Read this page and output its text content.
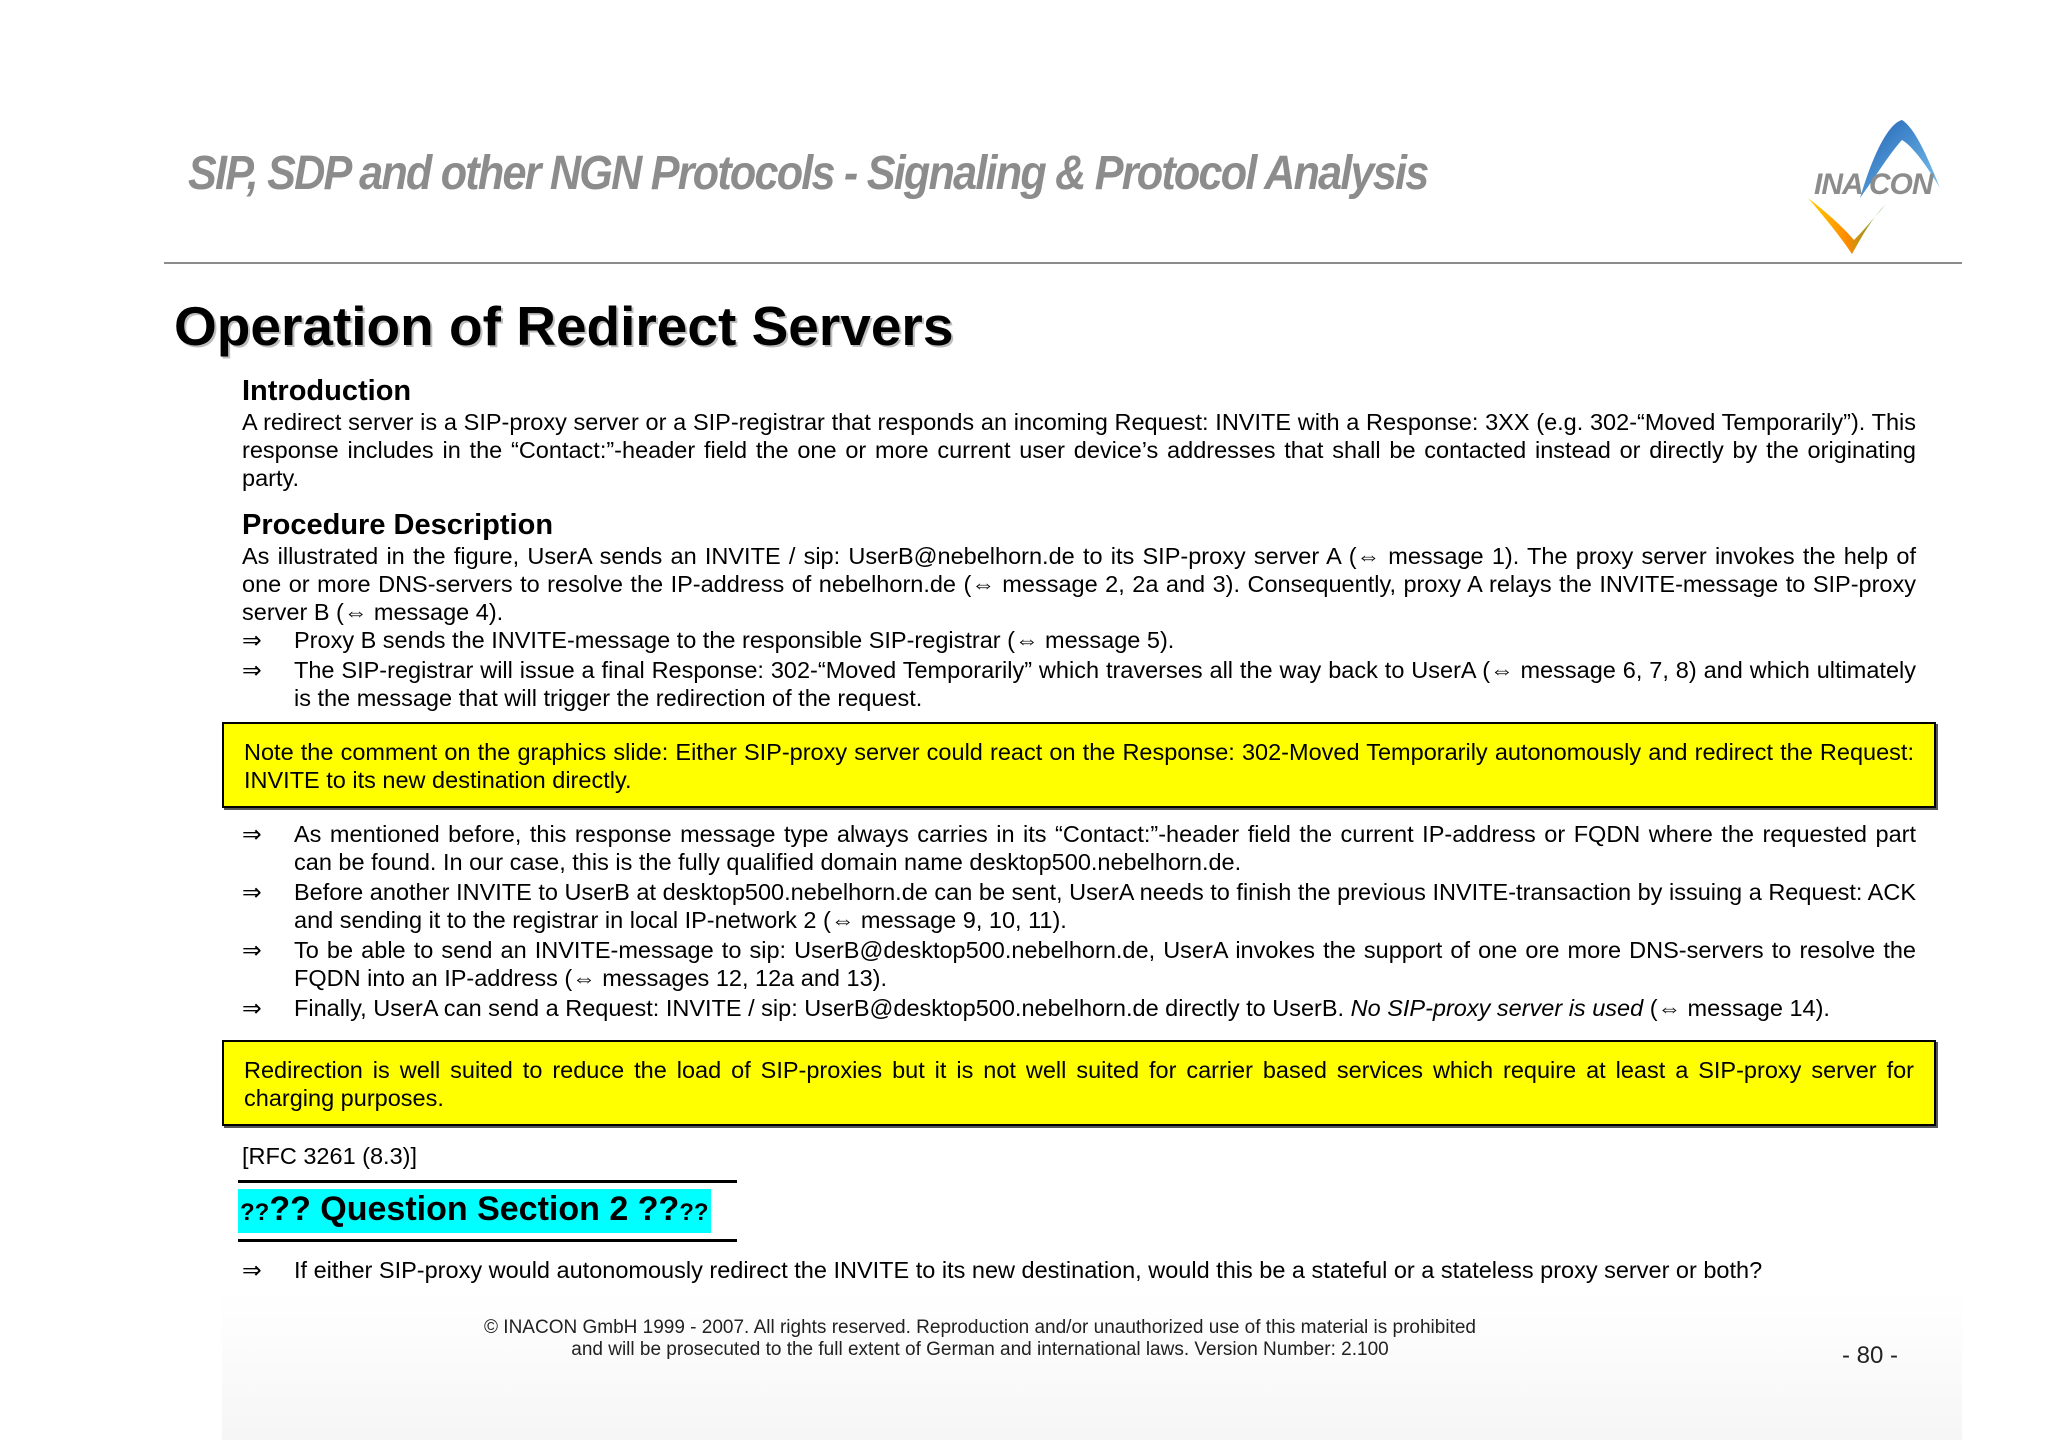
SIP, SDP and other NGN Protocols - Signaling & Protocol Analysis	INA CON
Operation of Redirect Servers
Introduction

A redirect server is a SIP-proxy server or a SIP-registrar that responds an incoming Request: INVITE with a Response: 3XX (e.g. 302-“Moved Temporarily”). This response includes in the “Contact:”-header field the one or more current user device’s addresses that shall be contacted instead or directly by the originating party.

Procedure Description

As illustrated in the figure, UserA sends an INVITE / sip: UserB@nebelhorn.de to its SIP-proxy server A (⇔ message 1). The proxy server invokes the help of one or more DNS-servers to resolve the IP-address of nebelhorn.de (⇔ message 2, 2a and 3). Consequently, proxy A relays the INVITE-message to SIP-proxy server B (⇔ message 4).

⇒	Proxy B sends the INVITE-message to the responsible SIP-registrar (⇔ message 5).
⇒	The SIP-registrar will issue a final Response: 302-“Moved Temporarily” which traverses all the way back to UserA (⇔ message 6, 7, 8) and which ultimately is the message that will trigger the redirection of the request.
Note the comment on the graphics slide: Either SIP-proxy server could react on the Response: 302-Moved Temporarily autonomously and redirect the Request: INVITE to its new destination directly.
⇒	As mentioned before, this response message type always carries in its “Contact:”-header field the current IP-address or FQDN where the requested part can be found. In our case, this is the fully qualified domain name desktop500.nebelhorn.de.
⇒	Before another INVITE to UserB at desktop500.nebelhorn.de can be sent, UserA needs to finish the previous INVITE-transaction by issuing a Request: ACK and sending it to the registrar in local IP-network 2 (⇔ message 9, 10, 11).
⇒	To be able to send an INVITE-message to sip: UserB@desktop500.nebelhorn.de, UserA invokes the support of one ore more DNS-servers to resolve the FQDN into an IP-address (⇔ messages 12, 12a and 13).
⇒	Finally, UserA can send a Request: INVITE / sip: UserB@desktop500.nebelhorn.de directly to UserB. No SIP-proxy server is used (⇔ message 14).
Redirection is well suited to reduce the load of SIP-proxies but it is not well suited for carrier based services which require at least a SIP-proxy server for charging purposes.
[RFC 3261 (8.3)]
???? Question Section 2 ????
⇒	If either SIP-proxy would autonomously redirect the INVITE to its new destination, would this be a stateful or a stateless proxy server or both?
© INACON GmbH 1999 - 2007. All rights reserved. Reproduction and/or unauthorized use of this material is prohibited
and will be prosecuted to the full extent of German and international laws. Version Number: 2.100	- 80 -
